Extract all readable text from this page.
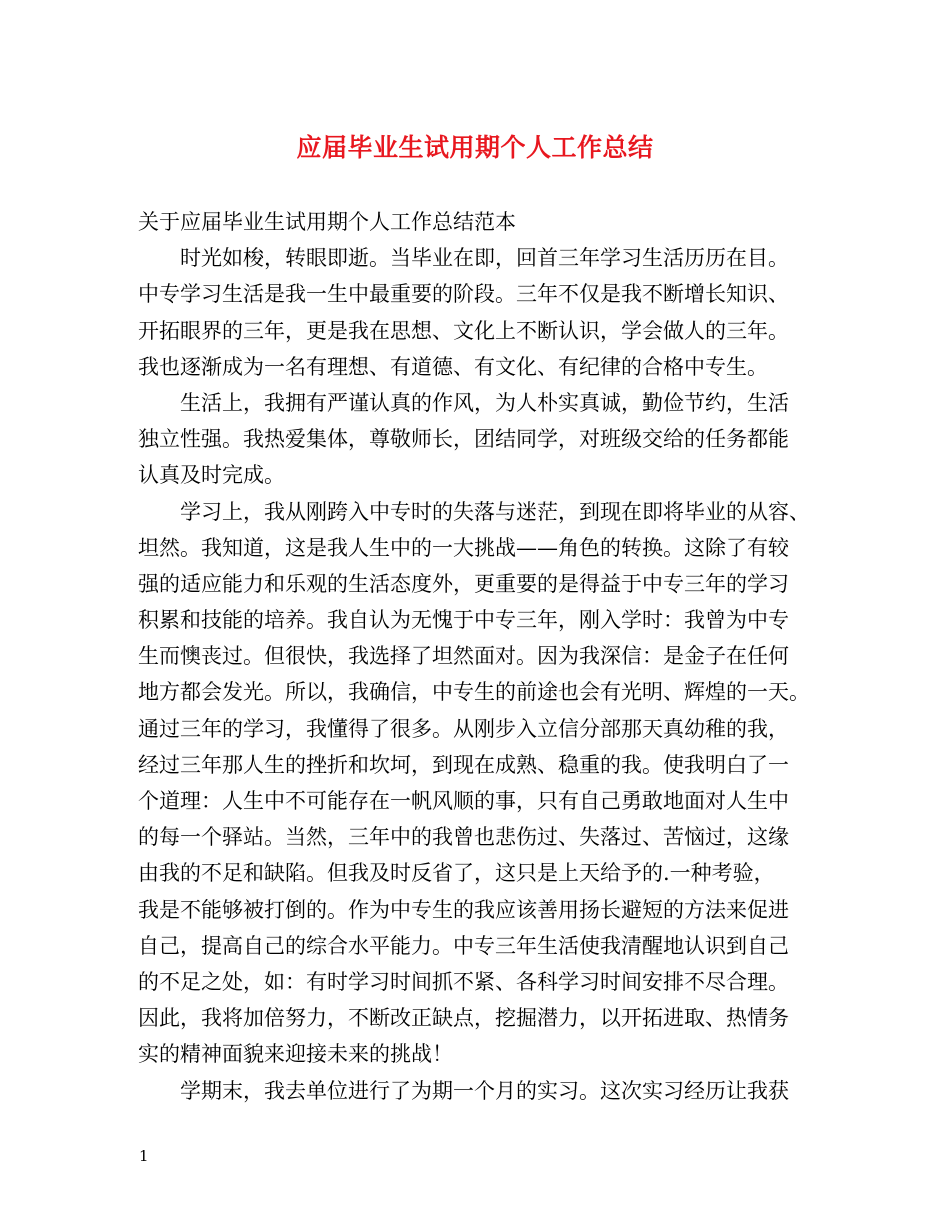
应届毕业生试用期个人工作总结
关于应届毕业生试用期个人工作总结范本
　　时光如梭，转眼即逝。当毕业在即，回首三年学习生活历历在目。
中专学习生活是我一生中最重要的阶段。三年不仅是我不断增长知识、
开拓眼界的三年，更是我在思想、文化上不断认识，学会做人的三年。
我也逐渐成为一名有理想、有道德、有文化、有纪律的合格中专生。
　　生活上，我拥有严谨认真的作风，为人朴实真诚，勤俭节约，生活
独立性强。我热爱集体，尊敬师长，团结同学，对班级交给的任务都能
认真及时完成。
　　学习上，我从刚跨入中专时的失落与迷茫，到现在即将毕业的从容、
坦然。我知道，这是我人生中的一大挑战——角色的转换。这除了有较
强的适应能力和乐观的生活态度外，更重要的是得益于中专三年的学习
积累和技能的培养。我自认为无愧于中专三年，刚入学时：我曾为中专
生而懊丧过。但很快，我选择了坦然面对。因为我深信：是金子在任何
地方都会发光。所以，我确信，中专生的前途也会有光明、辉煌的一天。
通过三年的学习，我懂得了很多。从刚步入立信分部那天真幼稚的我，
经过三年那人生的挫折和坎坷，到现在成熟、稳重的我。使我明白了一
个道理：人生中不可能存在一帆风顺的事，只有自己勇敢地面对人生中
的每一个驿站。当然，三年中的我曾也悲伤过、失落过、苦恼过，这缘
由我的不足和缺陷。但我及时反省了，这只是上天给予的.一种考验，
我是不能够被打倒的。作为中专生的我应该善用扬长避短的方法来促进
自己，提高自己的综合水平能力。中专三年生活使我清醒地认识到自己
的不足之处，如：有时学习时间抓不紧、各科学习时间安排不尽合理。
因此，我将加倍努力，不断改正缺点，挖掘潜力，以开拓进取、热情务
实的精神面貌来迎接未来的挑战！
　　学期末，我去单位进行了为期一个月的实习。这次实习经历让我获
1
